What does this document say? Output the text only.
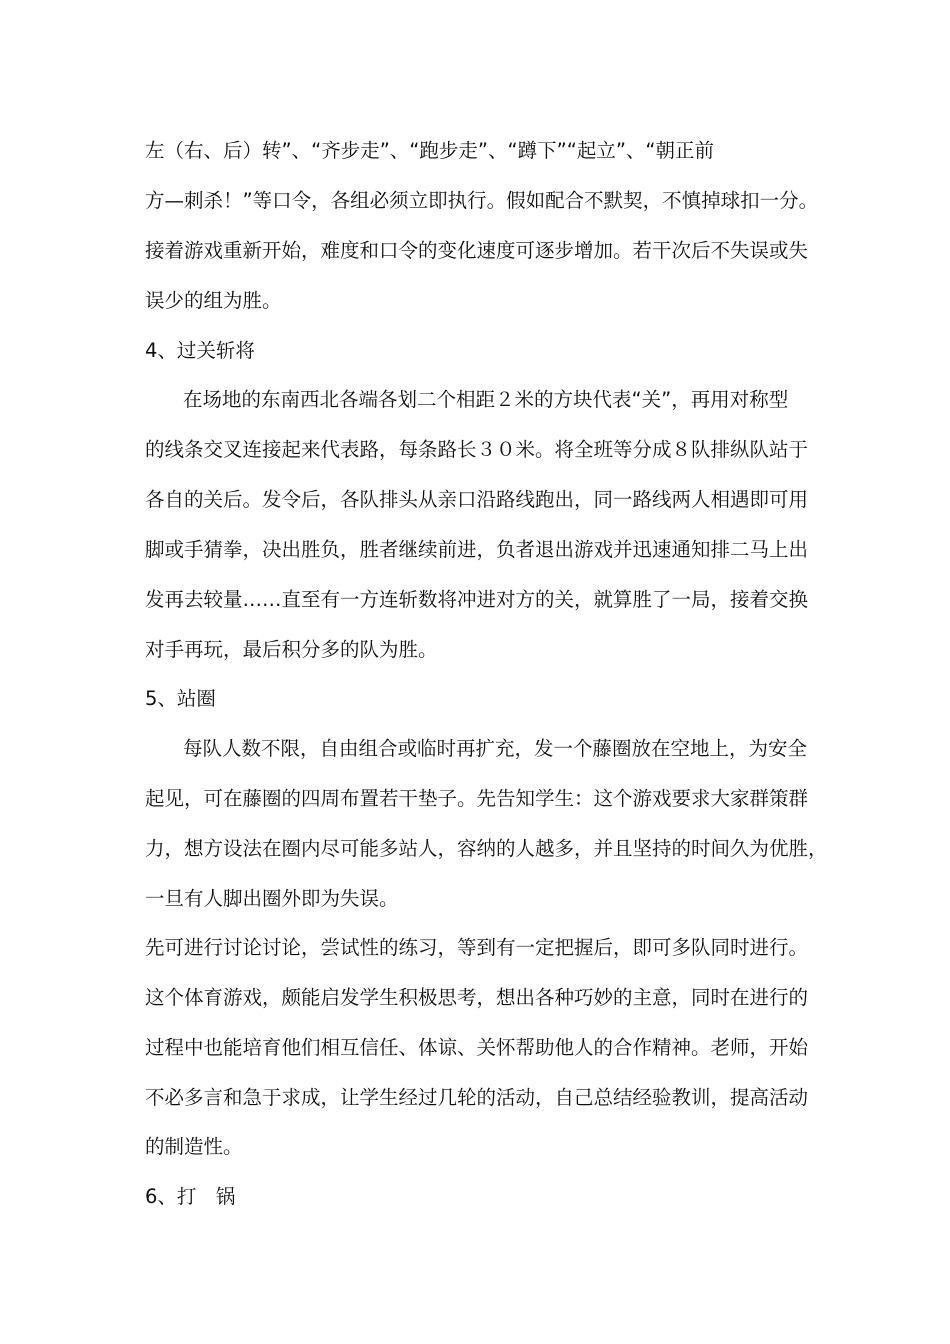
左（右、后）转”、“齐步走”、“跑步走”、“蹲下”“起立”、“朝正前
方—刺杀！”等口令，各组必须立即执行。假如配合不默契，不慎掉球扣一分。
接着游戏重新开始，难度和口令的变化速度可逐步增加。若干次后不失误或失
误少的组为胜。
4、过关斩将
在场地的东南西北各端各划二个相距２米的方块代表“关”，再用对称型
的线条交叉连接起来代表路，每条路长３０米。将全班等分成８队排纵队站于
各自的关后。发令后，各队排头从亲口沿路线跑出，同一路线两人相遇即可用
脚或手猜拳，决出胜负，胜者继续前进，负者退出游戏并迅速通知排二马上出
发再去较量……直至有一方连斩数将冲进对方的关，就算胜了一局，接着交换
对手再玩，最后积分多的队为胜。
5、站圈
每队人数不限，自由组合或临时再扩充，发一个藤圈放在空地上，为安全
起见，可在藤圈的四周布置若干垫子。先告知学生：这个游戏要求大家群策群
力，想方设法在圈内尽可能多站人，容纳的人越多，并且坚持的时间久为优胜，
一旦有人脚出圈外即为失误。
先可进行讨论讨论，尝试性的练习，等到有一定把握后，即可多队同时进行。
这个体育游戏，颇能启发学生积极思考，想出各种巧妙的主意，同时在进行的
过程中也能培育他们相互信任、体谅、关怀帮助他人的合作精神。老师，开始
不必多言和急于求成，让学生经过几轮的活动，自己总结经验教训，提高活动
的制造性。
6、打　锅
